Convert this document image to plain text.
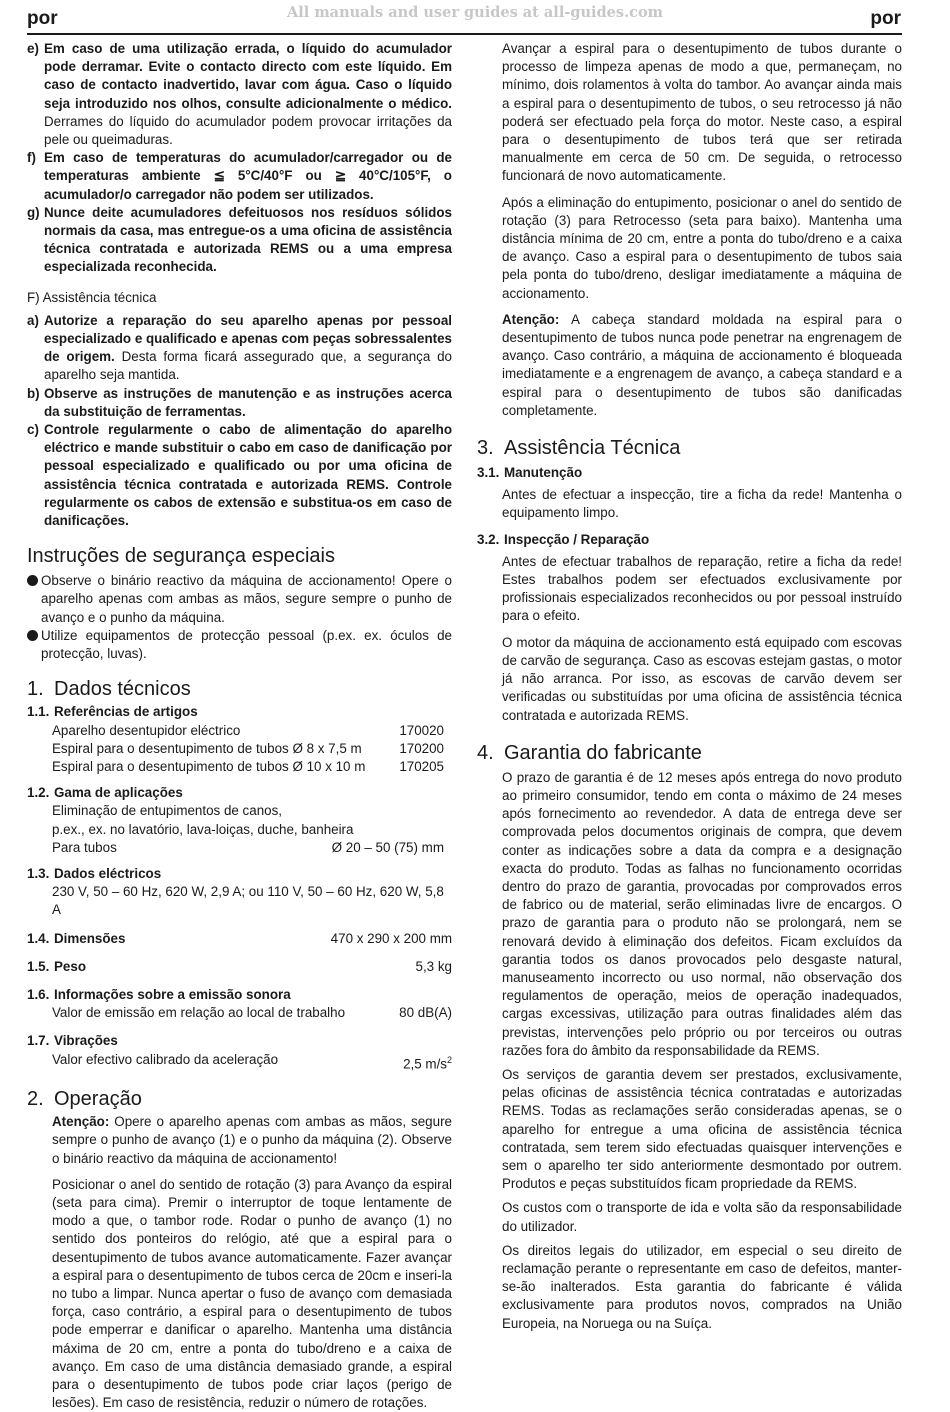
por	All manuals and user guides at all-guides.com	por
e) Em caso de uma utilização errada, o líquido do acumulador pode derramar. Evite o contacto directo com este líquido. Em caso de contacto inadvertido, lavar com água. Caso o líquido seja introduzido nos olhos, consulte adicionalmente o médico. Derrames do líquido do acumulador podem provocar irritações da pele ou queimaduras.

f) Em caso de temperaturas do acumulador/carregador ou de temperaturas ambiente ≦ 5°C/40°F ou ≧ 40°C/105°F, o acumulador/o carregador não podem ser utilizados.

g) Nunce deite acumuladores defeituosos nos resíduos sólidos normais da casa, mas entregue-os a uma oficina de assistência técnica contratada e autorizada REMS ou a uma empresa especializada reconhecida.

F) Assistência técnica

a) Autorize a reparação do seu aparelho apenas por pessoal especializado e qualificado e apenas com peças sobressalentes de origem. Desta forma ficará assegurado que, a segurança do aparelho seja mantida.

b) Observe as instruções de manutenção e as instruções acerca da substituição de ferramentas.

c) Controle regularmente o cabo de alimentação do aparelho eléctrico e mande substituir o cabo em caso de danificação por pessoal especializado e qualificado ou por uma oficina de assistência técnica contratada e autorizada REMS. Controle regularmente os cabos de extensão e substitua-os em caso de danificações.

Instruções de segurança especiais

Observe o binário reactivo da máquina de accionamento! Opere o aparelho apenas com ambas as mãos, segure sempre o punho de avanço e o punho da máquina.

Utilize equipamentos de protecção pessoal (p.ex. ex. óculos de protecção, luvas).

1. Dados técnicos
1.1. Referências de artigos
Aparelho desentupidor eléctrico	170020
Espiral para o desentupimento de tubos Ø 8 x 7,5 m	170200
Espiral para o desentupimento de tubos Ø 10 x 10 m	170205
1.2. Gama de aplicações

Eliminação de entupimentos de canos,

p.ex., ex. no lavatório, lava-loiças, duche, banheira

Para tubos	Ø 20 – 50 (75) mm
1.3. Dados eléctricos

230 V, 50 – 60 Hz, 620 W, 2,9 A; ou 110 V, 50 – 60 Hz, 620 W, 5,8 A

1.4. Dimensões	470 x 290 x 200 mm
1.5. Peso	5,3 kg
1.6. Informações sobre a emissão sonora
Valor de emissão em relação ao local de trabalho	80 dB(A)
1.7. Vibrações
Valor efectivo calibrado da aceleração	2,5 $m/s^2$
2. Operação

Atenção: Opere o aparelho apenas com ambas as mãos, segure sempre o punho de avanço (1) e o punho da máquina (2). Observe o binário reactivo da máquina de accionamento!

Posicionar o anel do sentido de rotação (3) para Avanço da espiral (seta para cima). Premir o interruptor de toque lentamente de modo a que, o tambor rode. Rodar o punho de avanço (1) no sentido dos ponteiros do relógio, até que a espiral para o desentupimento de tubos avance automaticamente. Fazer avançar a espiral para o desentupimento de tubos cerca de 20cm e inseri-la no tubo a limpar. Nunca apertar o fuso de avanço com demasiada força, caso contrário, a espiral para o desentupimento de tubos pode emperrar e danificar o aparelho. Mantenha uma distância máxima de 20 cm, entre a ponta do tubo/dreno e a caixa de avanço. Em caso de uma distância demasiado grande, a espiral para o desentupimento de tubos pode criar laços (perigo de lesões). Em caso de resistência, reduzir o número de rotações.

Avançar a espiral para o desentupimento de tubos durante o processo de limpeza apenas de modo a que, permaneçam, no mínimo, dois rolamentos à volta do tambor. Ao avançar ainda mais a espiral para o desentupimento de tubos, o seu retrocesso já não poderá ser efectuado pela força do motor. Neste caso, a espiral para o desentupimento de tubos terá que ser retirada manualmente em cerca de 50 cm. De seguida, o retrocesso funcionará de novo automaticamente.

Após a eliminação do entupimento, posicionar o anel do sentido de rotação (3) para Retrocesso (seta para baixo). Mantenha uma distância mínima de 20 cm, entre a ponta do tubo/dreno e a caixa de avanço. Caso a espiral para o desentupimento de tubos saia pela ponta do tubo/dreno, desligar imediatamente a máquina de accionamento.

Atenção: A cabeça standard moldada na espiral para o desentupimento de tubos nunca pode penetrar na engrenagem de avanço. Caso contrário, a máquina de accionamento é bloqueada imediatamente e a engrenagem de avanço, a cabeça standard e a espiral para o desentupimento de tubos são danificadas completamente.

3. Assistência Técnica
3.1. Manutenção

Antes de efectuar a inspecção, tire a ficha da rede! Mantenha o equipamento limpo.

3.2. Inspecção / Reparação

Antes de efectuar trabalhos de reparação, retire a ficha da rede! Estes trabalhos podem ser efectuados exclusivamente por profissionais especializados reconhecidos ou por pessoal instruído para o efeito.

O motor da máquina de accionamento está equipado com escovas de carvão de segurança. Caso as escovas estejam gastas, o motor já não arranca. Por isso, as escovas de carvão devem ser verificadas ou substituídas por uma oficina de assistência técnica contratada e autorizada REMS.

4. Garantia do fabricante

O prazo de garantia é de 12 meses após entrega do novo produto ao primeiro consumidor, tendo em conta o máximo de 24 meses após fornecimento ao revendedor. A data de entrega deve ser comprovada pelos documentos originais de compra, que devem conter as indicações sobre a data da compra e a designação exacta do produto. Todas as falhas no funcionamento ocorridas dentro do prazo de garantia, provocadas por comprovados erros de fabrico ou de material, serão eliminadas livre de encargos. O prazo de garantia para o produto não se prolongará, nem se renovará devido à eliminação dos defeitos. Ficam excluídos da garantia todos os danos provocados pelo desgaste natural, manuseamento incorrecto ou uso normal, não observação dos regulamentos de operação, meios de operação inadequados, cargas excessivas, utilização para outras finalidades além das previstas, intervenções pelo próprio ou por terceiros ou outras razões fora do âmbito da responsabilidade da REMS.

Os serviços de garantia devem ser prestados, exclusivamente, pelas oficinas de assistência técnica contratadas e autorizadas REMS. Todas as reclamações serão consideradas apenas, se o aparelho for entregue a uma oficina de assistência técnica contratada, sem terem sido efectuadas quaisquer intervenções e sem o aparelho ter sido anteriormente desmontado por outrem. Produtos e peças substituídos ficam propriedade da REMS.

Os custos com o transporte de ida e volta são da responsabilidade do utilizador.

Os direitos legais do utilizador, em especial o seu direito de reclamação perante o representante em caso de defeitos, manter-se-ão inalterados. Esta garantia do fabricante é válida exclusivamente para produtos novos, comprados na União Europeia, na Noruega ou na Suíça.
